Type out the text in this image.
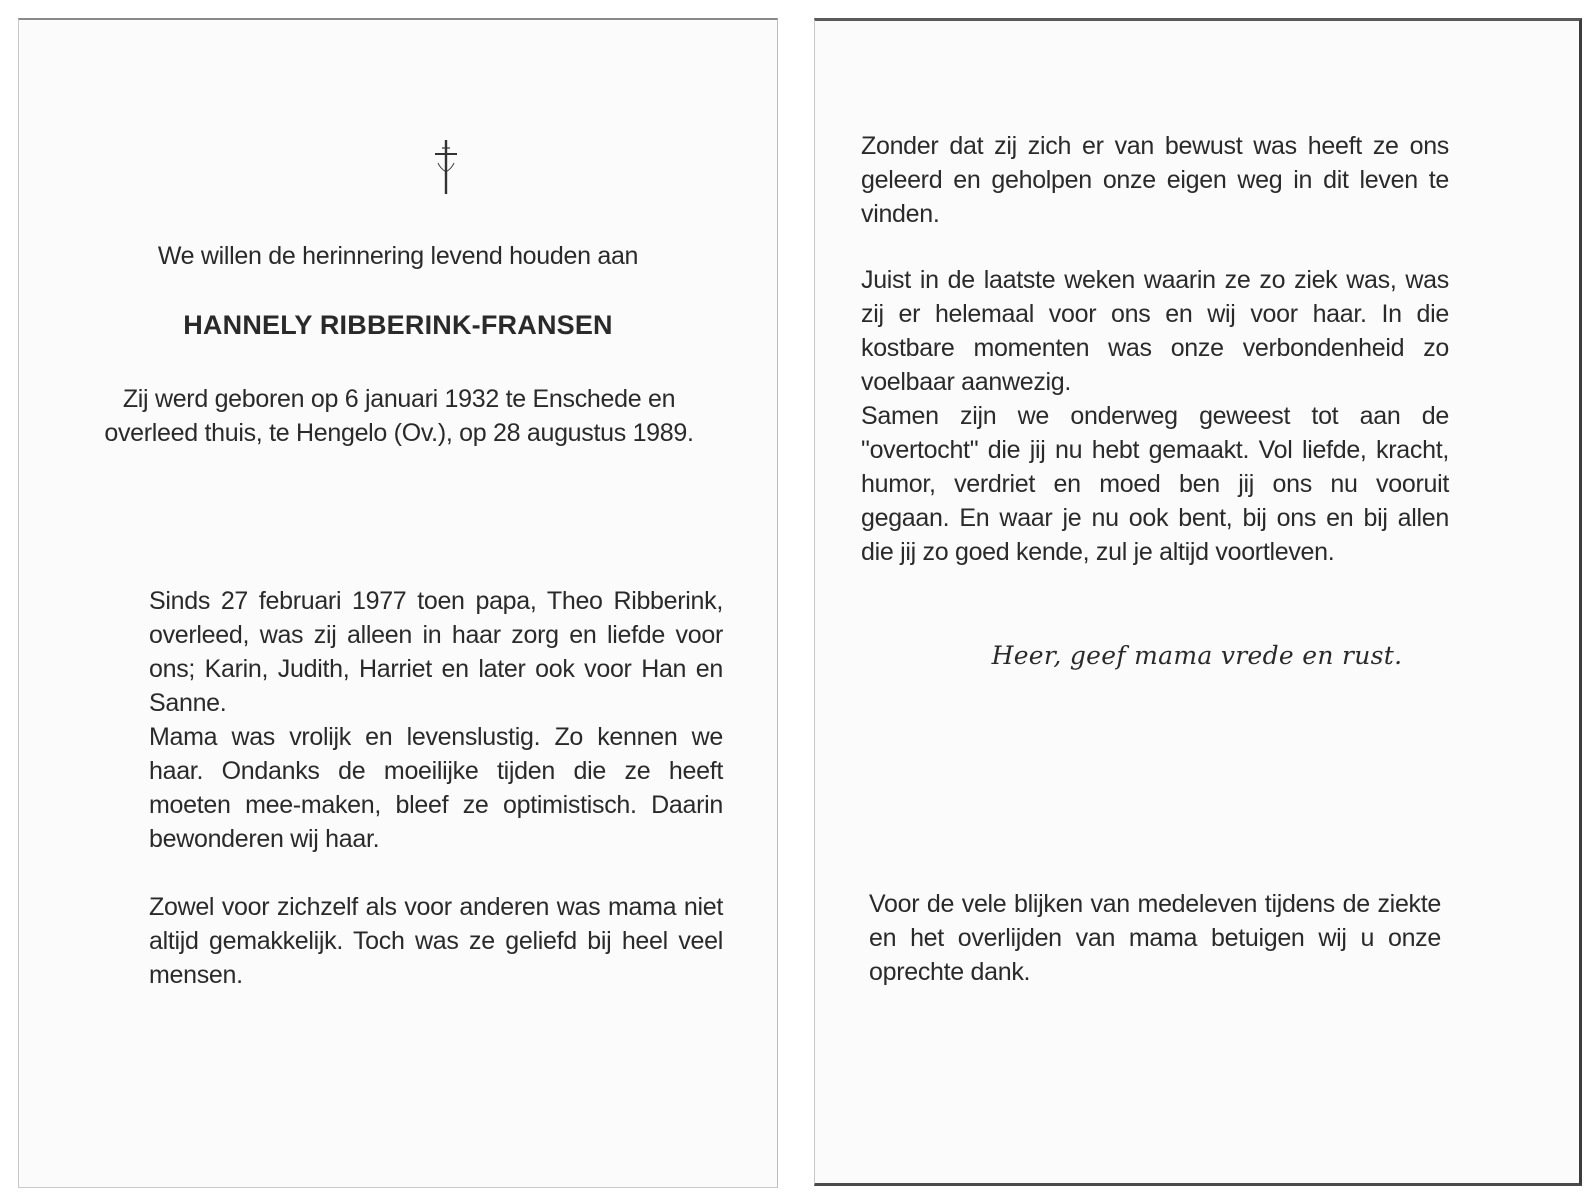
We willen de herinnering levend houden aan
HANNELY RIBBERINK-FRANSEN
Zij werd geboren op 6 januari 1932 te Enschede en overleed thuis, te Hengelo (Ov.), op 28 augustus 1989.

Sinds 27 februari 1977 toen papa, Theo Ribberink, overleed, was zij alleen in haar zorg en liefde voor ons; Karin, Judith, Harriet en later ook voor Han en Sanne.

Mama was vrolijk en levenslustig. Zo kennen we haar. Ondanks de moeilijke tijden die ze heeft moeten mee-maken, bleef ze optimistisch. Daarin bewonderen wij haar.

Zowel voor zichzelf als voor anderen was mama niet altijd gemakkelijk. Toch was ze geliefd bij heel veel mensen.

Zonder dat zij zich er van bewust was heeft ze ons geleerd en geholpen onze eigen weg in dit leven te vinden.

Juist in de laatste weken waarin ze zo ziek was, was zij er helemaal voor ons en wij voor haar. In die kostbare momenten was onze verbondenheid zo voelbaar aanwezig.

Samen zijn we onderweg geweest tot aan de "overtocht" die jij nu hebt gemaakt. Vol liefde, kracht, humor, verdriet en moed ben jij ons nu vooruit gegaan. En waar je nu ook bent, bij ons en bij allen die jij zo goed kende, zul je altijd voortleven.

Heer, geef mama vrede en rust.

Voor de vele blijken van medeleven tijdens de ziekte en het overlijden van mama betuigen wij u onze oprechte dank.
